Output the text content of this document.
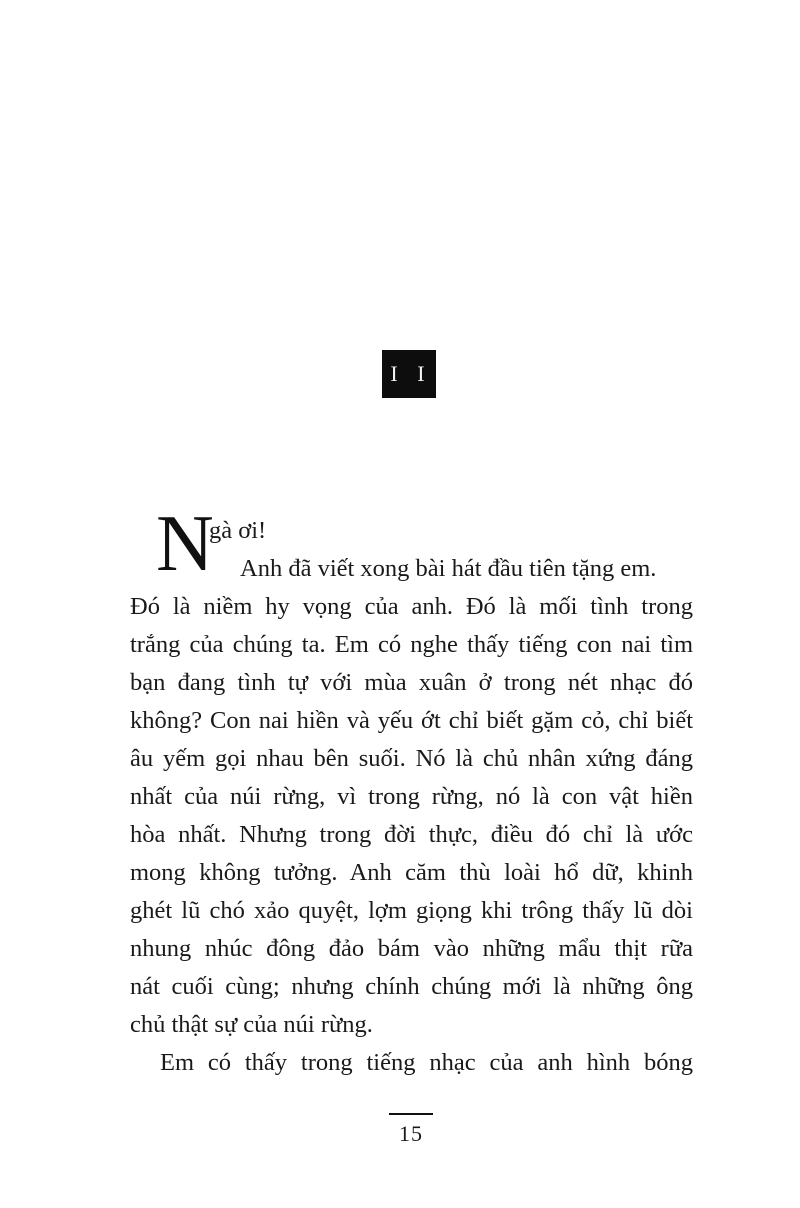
I I
N
gà ơi!
Anh đã viết xong bài hát đầu tiên tặng em.
Đó là niềm hy vọng của anh. Đó là mối tình trong
trắng của chúng ta. Em có nghe thấy tiếng con nai tìm
bạn đang tình tự với mùa xuân ở trong nét nhạc đó
không? Con nai hiền và yếu ớt chỉ biết gặm cỏ, chỉ biết
âu yếm gọi nhau bên suối. Nó là chủ nhân xứng đáng
nhất của núi rừng, vì trong rừng, nó là con vật hiền
hòa nhất. Nhưng trong đời thực, điều đó chỉ là ước
mong không tưởng. Anh căm thù loài hổ dữ, khinh
ghét lũ chó xảo quyệt, lợm giọng khi trông thấy lũ dòi
nhung nhúc đông đảo bám vào những mẩu thịt rữa
nát cuối cùng; nhưng chính chúng mới là những ông
chủ thật sự của núi rừng.
Em có thấy trong tiếng nhạc của anh hình bóng
15
